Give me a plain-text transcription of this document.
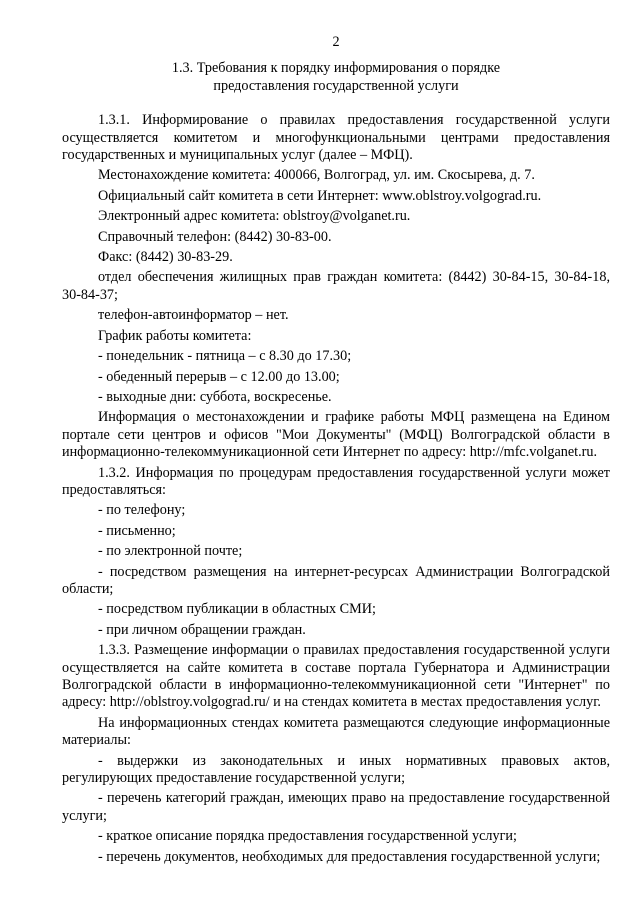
2
1.3. Требования к порядку информирования о порядке
предоставления государственной услуги

1.3.1. Информирование о правилах предоставления государственной услуги осуществляется комитетом и многофункциональными центрами предоставления государственных и муниципальных услуг (далее – МФЦ).

Местонахождение комитета: 400066, Волгоград, ул. им. Скосырева, д. 7.

Официальный сайт комитета в сети Интернет: www.oblstroy.volgograd.ru.

Электронный адрес комитета: oblstroy@volganet.ru.

Справочный телефон: (8442) 30-83-00.

Факс: (8442) 30-83-29.

отдел обеспечения жилищных прав граждан комитета: (8442) 30-84-15, 30-84-18, 30-84-37;

телефон-автоинформатор – нет.

График работы комитета:

- понедельник - пятница – с 8.30 до 17.30;

- обеденный перерыв – с 12.00 до 13.00;

- выходные дни: суббота, воскресенье.

Информация о местонахождении и графике работы МФЦ размещена на Едином портале сети центров и офисов "Мои Документы" (МФЦ) Волгоградской области в информационно-телекоммуникационной сети Интернет по адресу: http://mfc.volganet.ru.

1.3.2. Информация по процедурам предоставления государственной услуги может предоставляться:

- по телефону;

- письменно;

- по электронной почте;

- посредством размещения на интернет-ресурсах Администрации Волгоградской области;

- посредством публикации в областных СМИ;

- при личном обращении граждан.

1.3.3. Размещение информации о правилах предоставления государственной услуги осуществляется на сайте комитета в составе портала Губернатора и Администрации Волгоградской области в информационно-телекоммуникационной сети "Интернет" по адресу: http://oblstroy.volgograd.ru/ и на стендах комитета в местах предоставления услуг.

На информационных стендах комитета размещаются следующие информационные материалы:

- выдержки из законодательных и иных нормативных правовых актов, регулирующих предоставление государственной услуги;

- перечень категорий граждан, имеющих право на предоставление государственной услуги;

- краткое описание порядка предоставления государственной услуги;

- перечень документов, необходимых для предоставления государственной услуги;
